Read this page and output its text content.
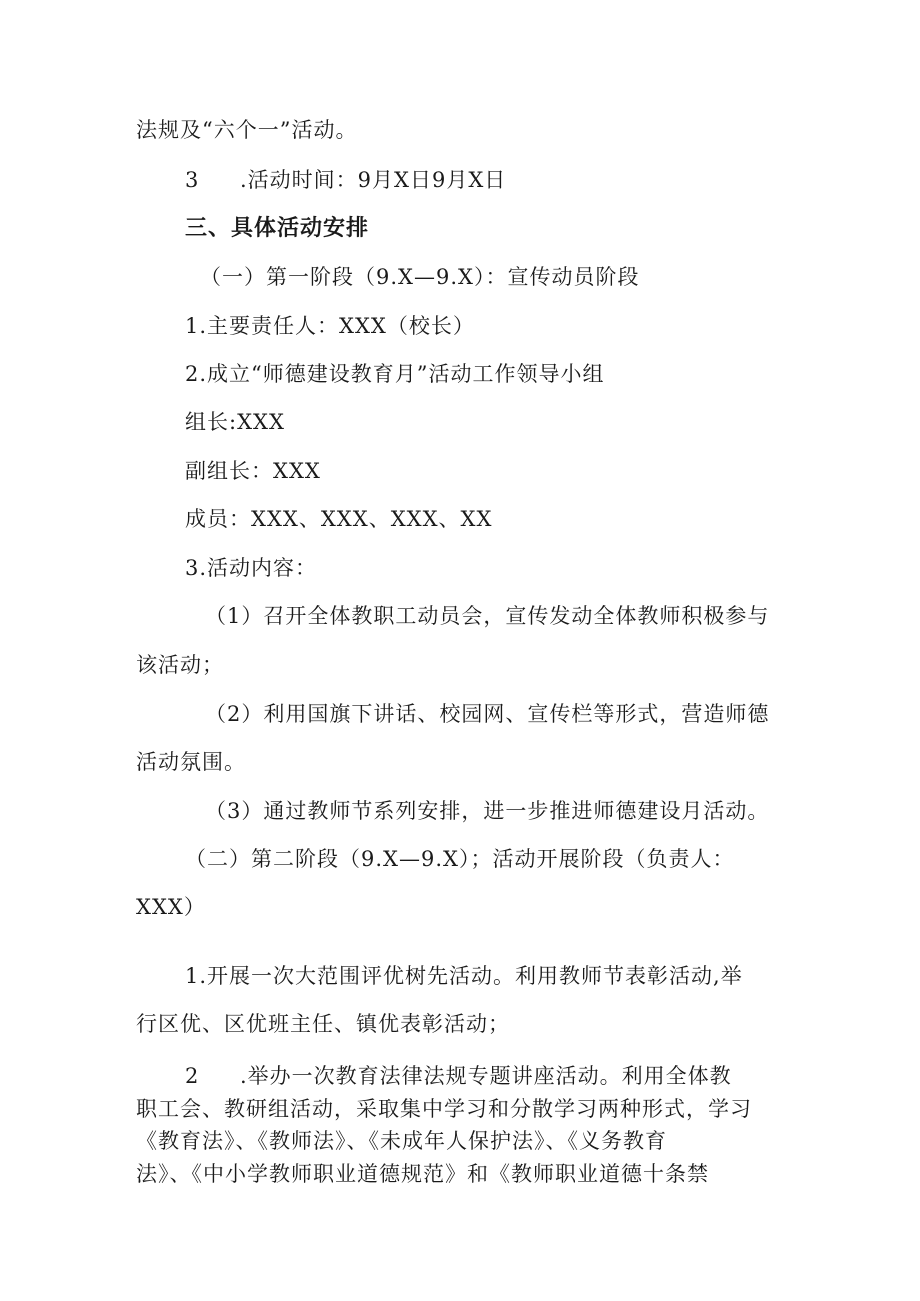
法规及“六个一”活动。
3 .活动时间：9月X日9月X日
三、具体活动安排
（一）第一阶段（9.X—9.X）：宣传动员阶段
1.主要责任人：XXX（校长）
2.成立“师德建设教育月”活动工作领导小组
组长:XXX
副组长：XXX
成员：XXX、XXX、XXX、XX
3.活动内容：
（1）召开全体教职工动员会，宣传发动全体教师积极参与
该活动；
（2）利用国旗下讲话、校园网、宣传栏等形式，营造师德
活动氛围。
（3）通过教师节系列安排，进一步推进师德建设月活动。
（二）第二阶段（9.X—9.X）；活动开展阶段（负责人：
XXX）
1.开展一次大范围评优树先活动。利用教师节表彰活动,举
行区优、区优班主任、镇优表彰活动；
2 .举办一次教育法律法规专题讲座活动。利用全体教
职工会、教研组活动，采取集中学习和分散学习两种形式，学习
《教育法》、《教师法》、《未成年人保护法》、《义务教育
法》、《中小学教师职业道德规范》和《教师职业道德十条禁
